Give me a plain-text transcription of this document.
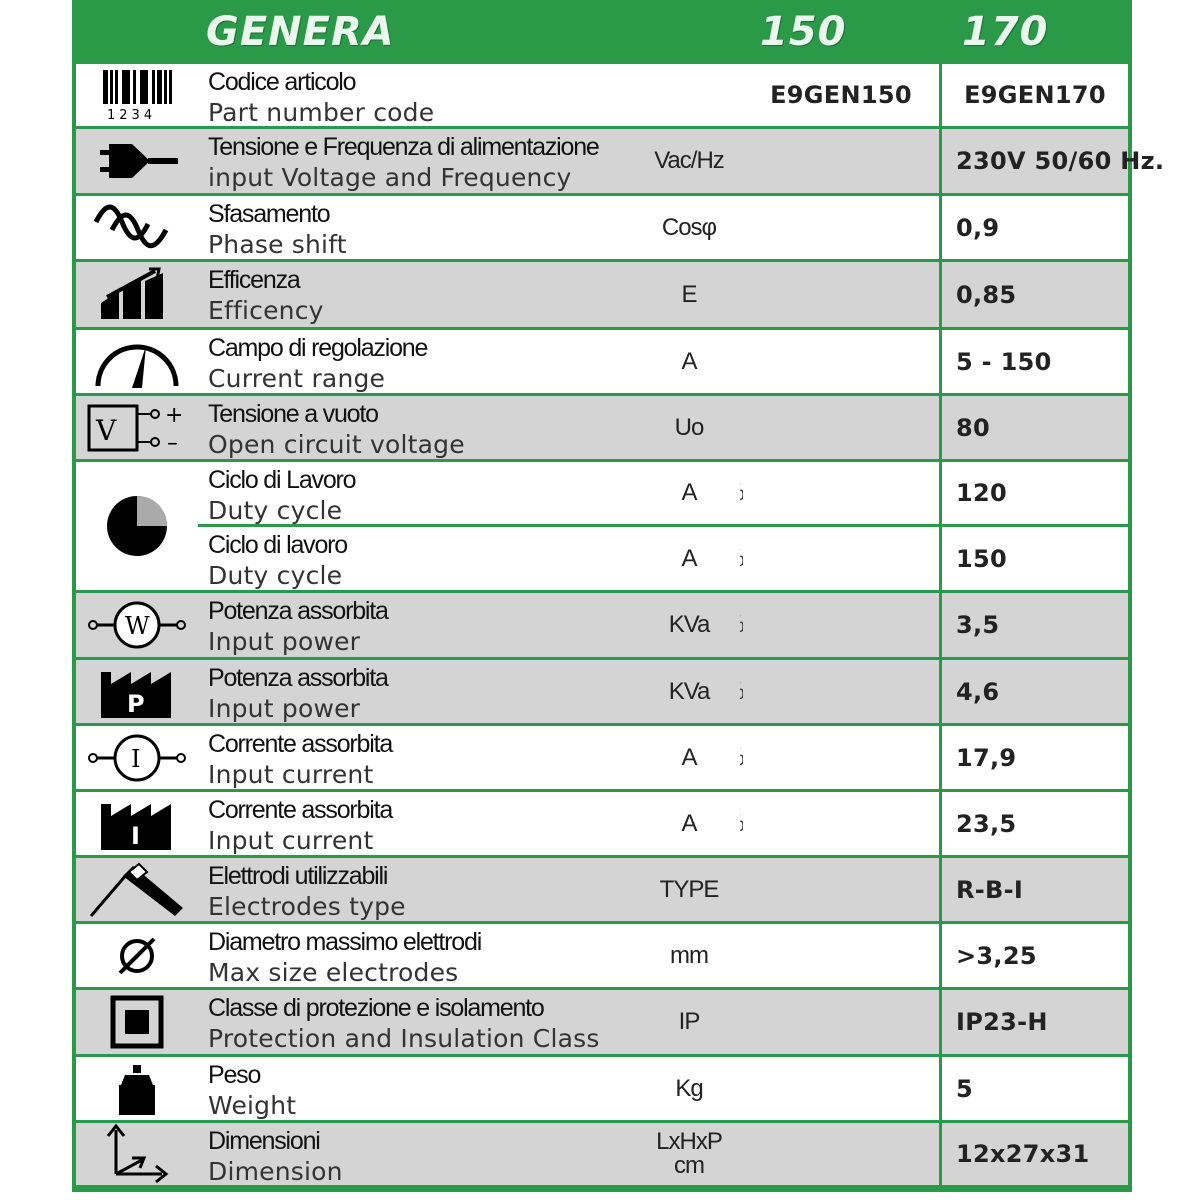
GENERA	150	170
Codice articolo
Part number code
E9GEN150	E9GEN170
Tensione e Frequenza di alimentazione
input Voltage and Frequency
Vac/Hz	230V 50/60 Hz.
Sfasamento
Phase shift
Cosφ	0,9
Efficenza
Efficency
E	0,85
Campo di regolazione
Current range
A	5 - 150
Tensione a vuoto
Open circuit voltage
Uo	80
Ciclo di Lavoro
Duty cycle
A	120
Ciclo di lavoro
Duty cycle
A	150
Potenza assorbita
Input power
KVa	3,5
Potenza assorbita
Input power
KVa	4,6
Corrente assorbita
Input current
A	17,9
Corrente assorbita
Input current
A	23,5
Elettrodi utilizzabili
Electrodes type
TYPE	R-B-I
Diametro massimo elettrodi
Max size electrodes
mm	>3,25
Classe di protezione e isolamento
Protection and Insulation Class
IP	IP23-H
Peso
Weight
Kg	5
Dimensioni
Dimension
LxHxP
cm	12x27x31
1234
V +
–
W
P
I
I
